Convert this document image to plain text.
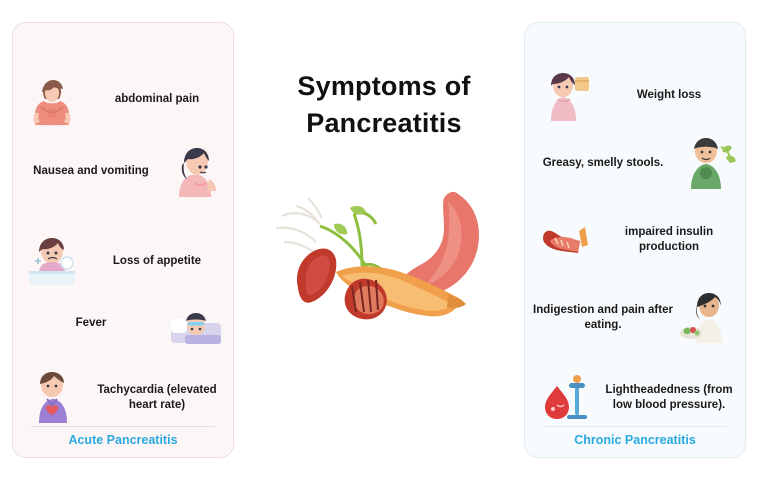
abdominal pain
Nausea and vomiting
Loss of appetite
Fever
Tachycardia (elevated heart rate)
Acute Pancreatitis
Weight loss
Greasy, smelly stools.
impaired insulin production
Indigestion and pain after eating.
Lightheadedness (from low blood pressure).
Chronic Pancreatitis
Symptoms of
Pancreatitis
